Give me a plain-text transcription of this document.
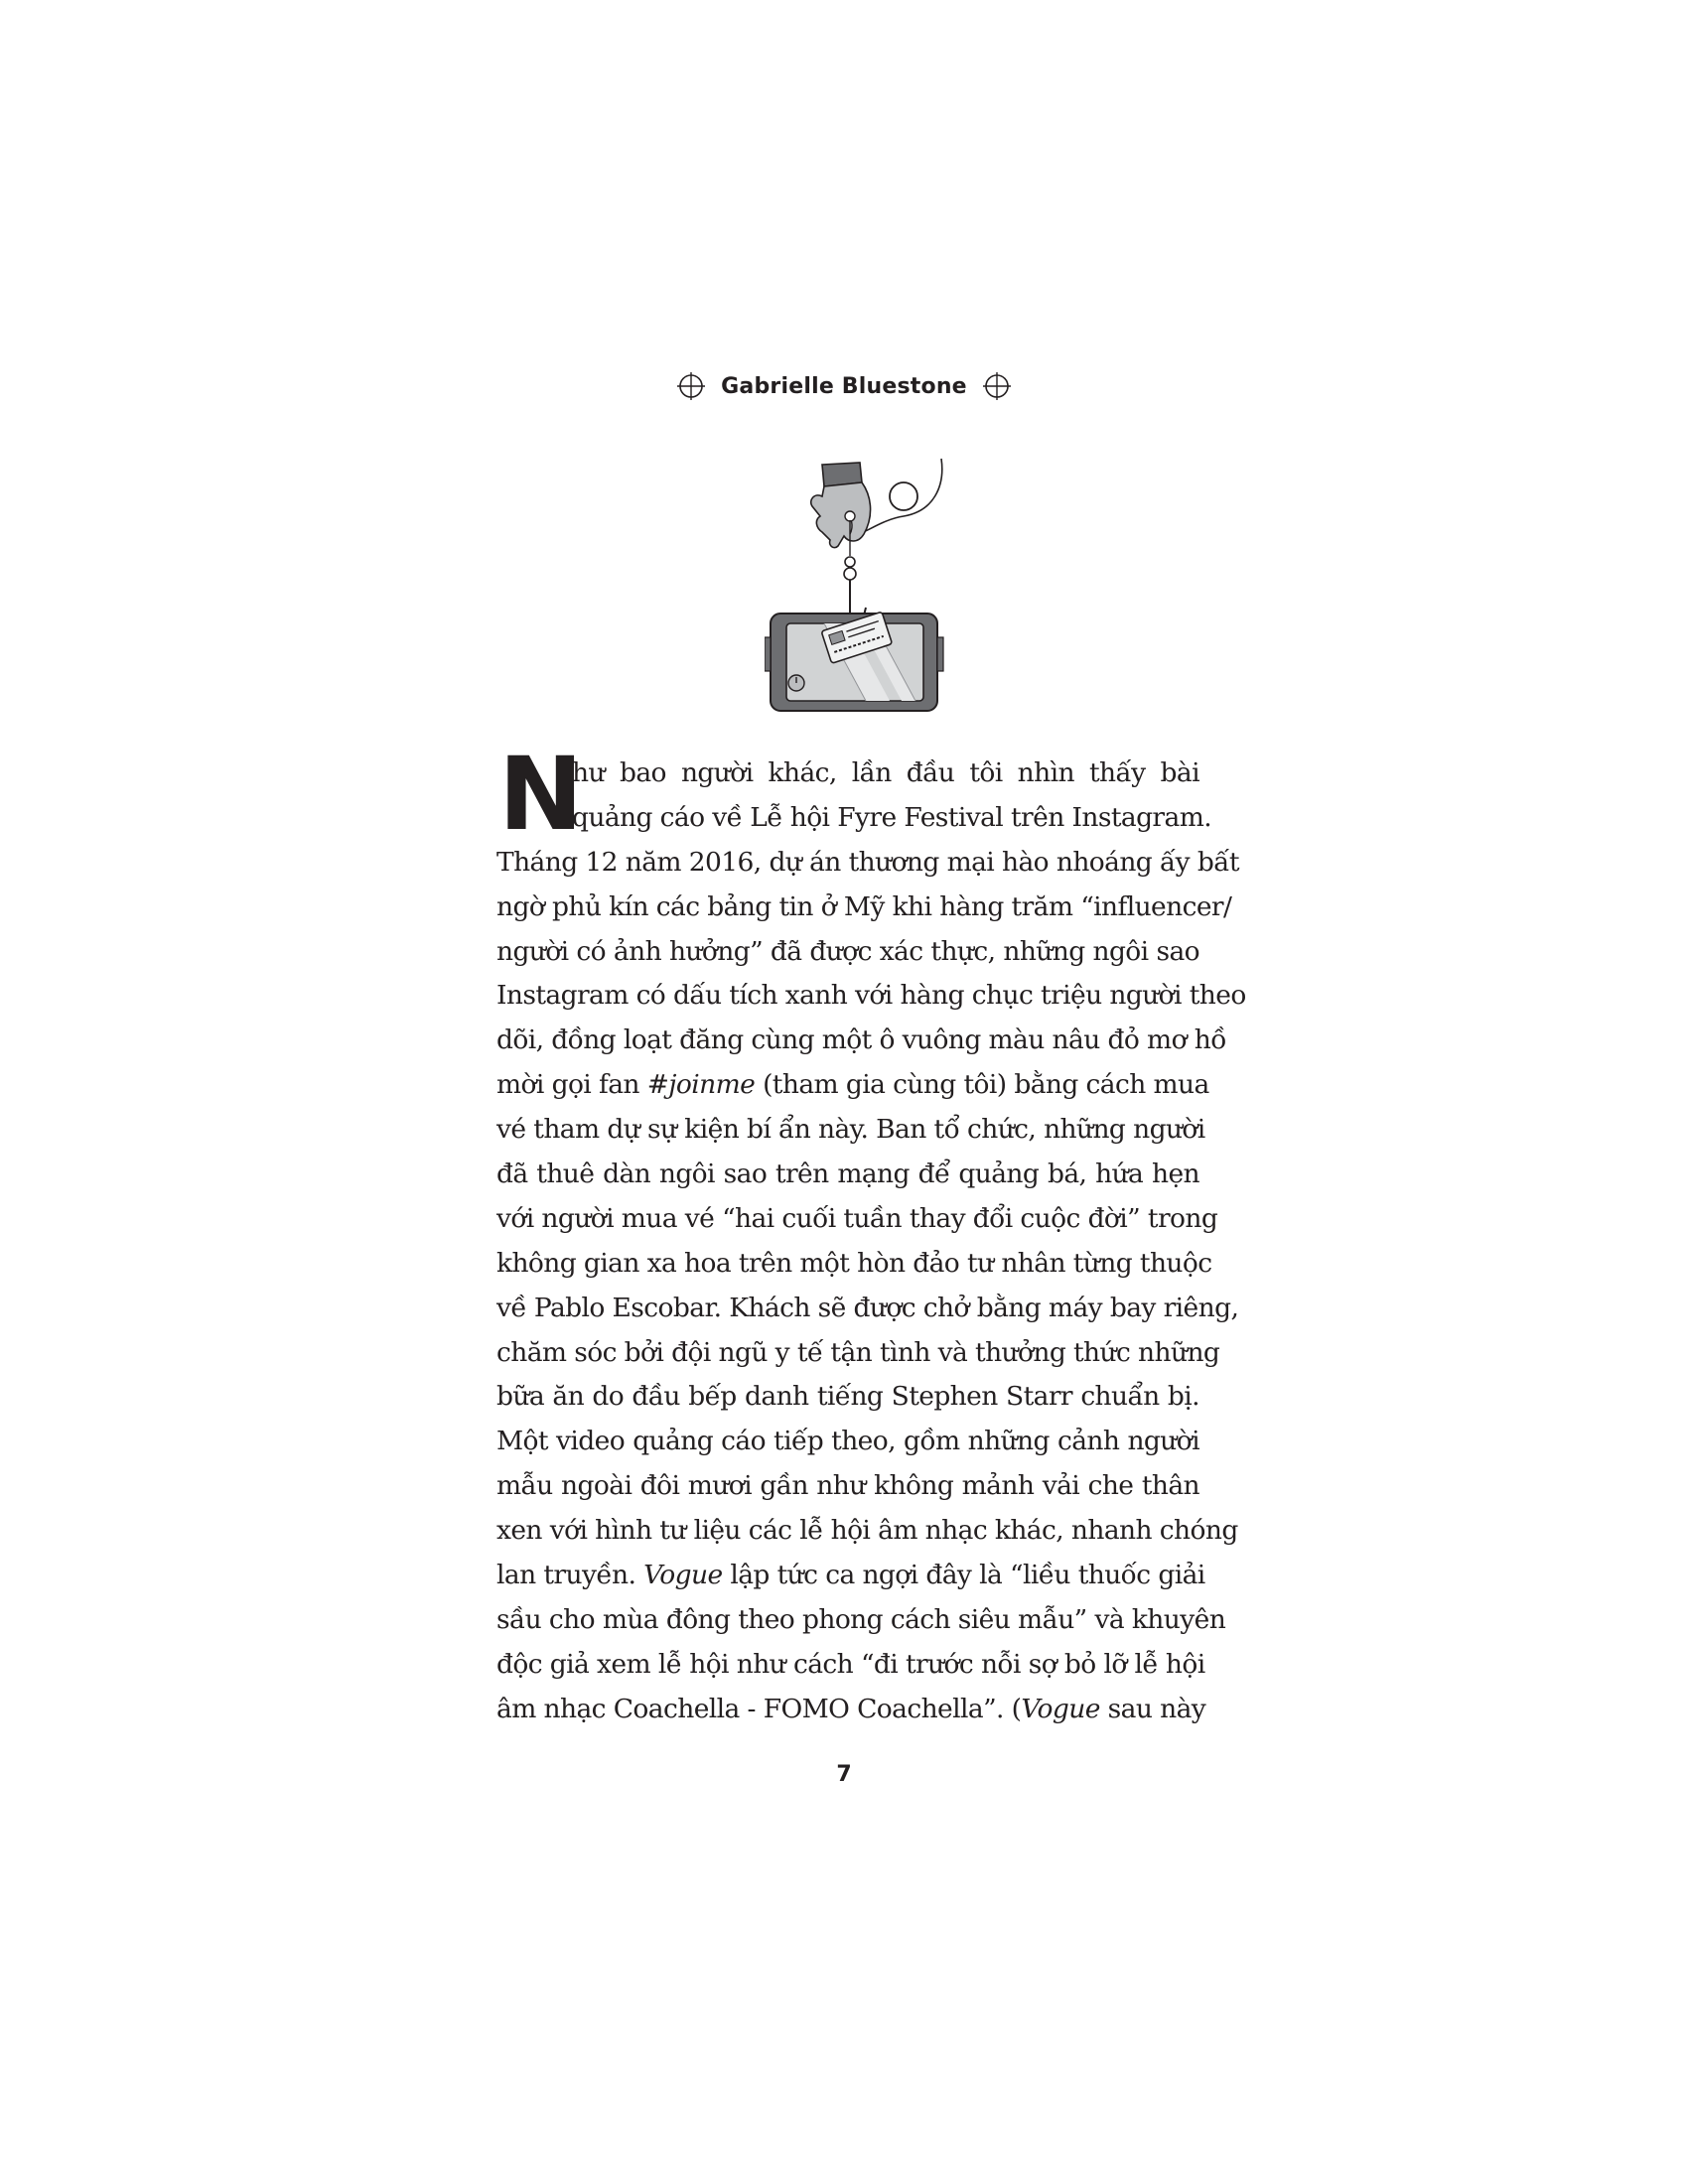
Gabrielle Bluestone
N
hư bao người khác, lần đầu tôi nhìn thấy bài
quảng cáo về Lễ hội Fyre Festival trên Instagram.
Tháng 12 năm 2016, dự án thương mại hào nhoáng ấy bất
ngờ phủ kín các bảng tin ở Mỹ khi hàng trăm “influencer/
người có ảnh hưởng” đã được xác thực, những ngôi sao
Instagram có dấu tích xanh với hàng chục triệu người theo
dõi, đồng loạt đăng cùng một ô vuông màu nâu đỏ mơ hồ
mời gọi fan #joinme (tham gia cùng tôi) bằng cách mua
vé tham dự sự kiện bí ẩn này. Ban tổ chức, những người
đã thuê dàn ngôi sao trên mạng để quảng bá, hứa hẹn
với người mua vé “hai cuối tuần thay đổi cuộc đời” trong
không gian xa hoa trên một hòn đảo tư nhân từng thuộc
về Pablo Escobar. Khách sẽ được chở bằng máy bay riêng,
chăm sóc bởi đội ngũ y tế tận tình và thưởng thức những
bữa ăn do đầu bếp danh tiếng Stephen Starr chuẩn bị.
Một video quảng cáo tiếp theo, gồm những cảnh người
mẫu ngoài đôi mươi gần như không mảnh vải che thân
xen với hình tư liệu các lễ hội âm nhạc khác, nhanh chóng
lan truyền. Vogue lập tức ca ngợi đây là “liều thuốc giải
sầu cho mùa đông theo phong cách siêu mẫu” và khuyên
độc giả xem lễ hội như cách “đi trước nỗi sợ bỏ lỡ lễ hội
âm nhạc Coachella - FOMO Coachella”. (Vogue sau này
7
